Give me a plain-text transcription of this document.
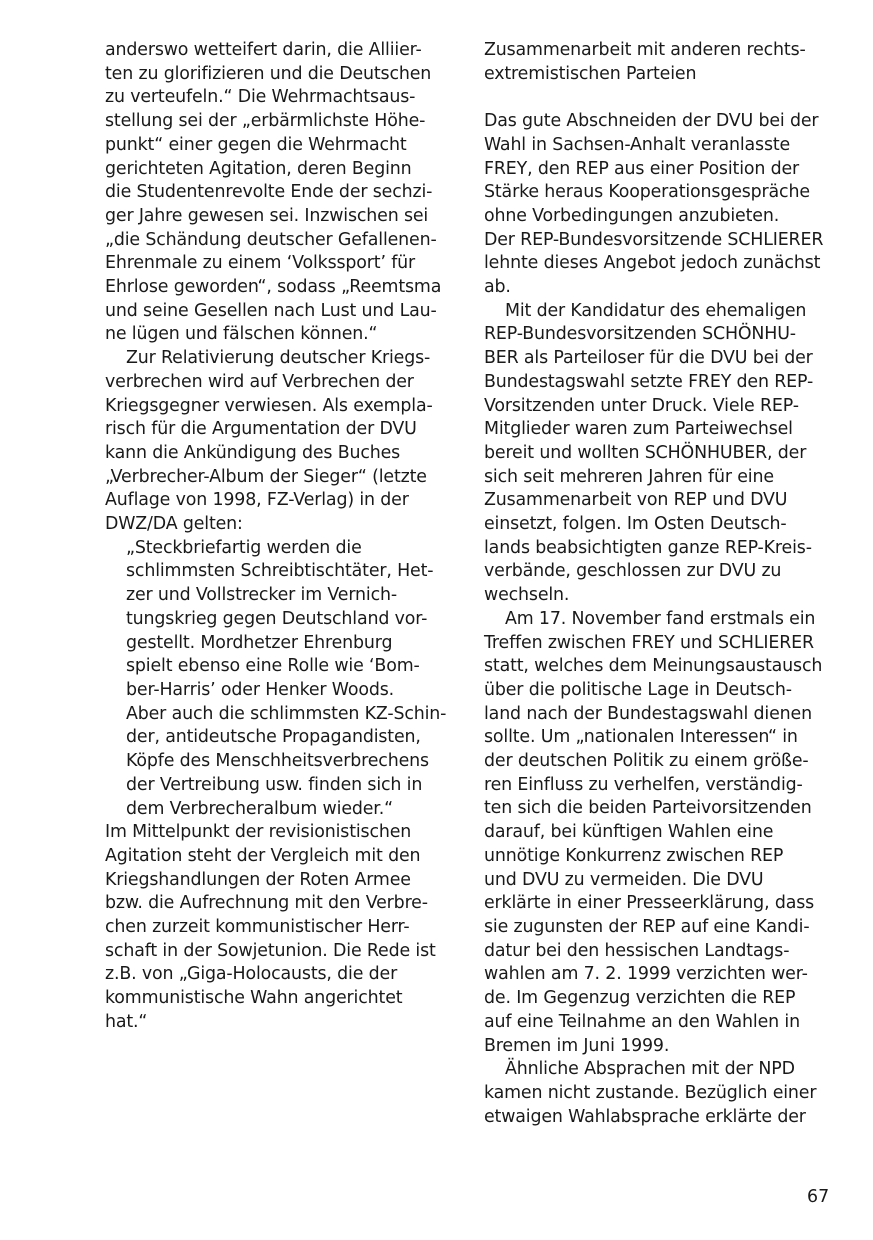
anderswo wetteifert darin, die Alliier-
ten zu glorifizieren und die Deutschen
zu verteufeln.“ Die Wehrmachtsaus-
stellung sei der „erbärmlichste Höhe-
punkt“ einer gegen die Wehrmacht
gerichteten Agitation, deren Beginn
die Studentenrevolte Ende der sechzi-
ger Jahre gewesen sei. Inzwischen sei
„die Schändung deutscher Gefallenen-
Ehrenmale zu einem ‘Volkssport’ für
Ehrlose geworden“, sodass „Reemtsma
und seine Gesellen nach Lust und Lau-
ne lügen und fälschen können.“
Zur Relativierung deutscher Kriegs-
verbrechen wird auf Verbrechen der
Kriegsgegner verwiesen. Als exempla-
risch für die Argumentation der DVU
kann die Ankündigung des Buches
„Verbrecher-Album der Sieger“ (letzte
Auflage von 1998, FZ-Verlag) in der
DWZ/DA gelten:
„Steckbriefartig werden die
schlimmsten Schreibtischtäter, Het-
zer und Vollstrecker im Vernich-
tungskrieg gegen Deutschland vor-
gestellt. Mordhetzer Ehrenburg
spielt ebenso eine Rolle wie ‘Bom-
ber-Harris’ oder Henker Woods.
Aber auch die schlimmsten KZ-Schin-
der, antideutsche Propagandisten,
Köpfe des Menschheitsverbrechens
der Vertreibung usw. finden sich in
dem Verbrecheralbum wieder.“
Im Mittelpunkt der revisionistischen
Agitation steht der Vergleich mit den
Kriegshandlungen der Roten Armee
bzw. die Aufrechnung mit den Verbre-
chen zurzeit kommunistischer Herr-
schaft in der Sowjetunion. Die Rede ist
z.B. von „Giga-Holocausts, die der
kommunistische Wahn angerichtet
hat.“
Zusammenarbeit mit anderen rechts-
extremistischen Parteien
Das gute Abschneiden der DVU bei der
Wahl in Sachsen-Anhalt veranlasste
FREY, den REP aus einer Position der
Stärke heraus Kooperationsgespräche
ohne Vorbedingungen anzubieten.
Der REP-Bundesvorsitzende SCHLIERER
lehnte dieses Angebot jedoch zunächst
ab.
Mit der Kandidatur des ehemaligen
REP-Bundesvorsitzenden SCHÖNHU-
BER als Parteiloser für die DVU bei der
Bundestagswahl setzte FREY den REP-
Vorsitzenden unter Druck. Viele REP-
Mitglieder waren zum Parteiwechsel
bereit und wollten SCHÖNHUBER, der
sich seit mehreren Jahren für eine
Zusammenarbeit von REP und DVU
einsetzt, folgen. Im Osten Deutsch-
lands beabsichtigten ganze REP-Kreis-
verbände, geschlossen zur DVU zu
wechseln.
Am 17. November fand erstmals ein
Treffen zwischen FREY und SCHLIERER
statt, welches dem Meinungsaustausch
über die politische Lage in Deutsch-
land nach der Bundestagswahl dienen
sollte. Um „nationalen Interessen“ in
der deutschen Politik zu einem größe-
ren Einfluss zu verhelfen, verständig-
ten sich die beiden Parteivorsitzenden
darauf, bei künftigen Wahlen eine
unnötige Konkurrenz zwischen REP
und DVU zu vermeiden. Die DVU
erklärte in einer Presseerklärung, dass
sie zugunsten der REP auf eine Kandi-
datur bei den hessischen Landtags-
wahlen am 7. 2. 1999 verzichten wer-
de. Im Gegenzug verzichten die REP
auf eine Teilnahme an den Wahlen in
Bremen im Juni 1999.
Ähnliche Absprachen mit der NPD
kamen nicht zustande. Bezüglich einer
etwaigen Wahlabsprache erklärte der
67
